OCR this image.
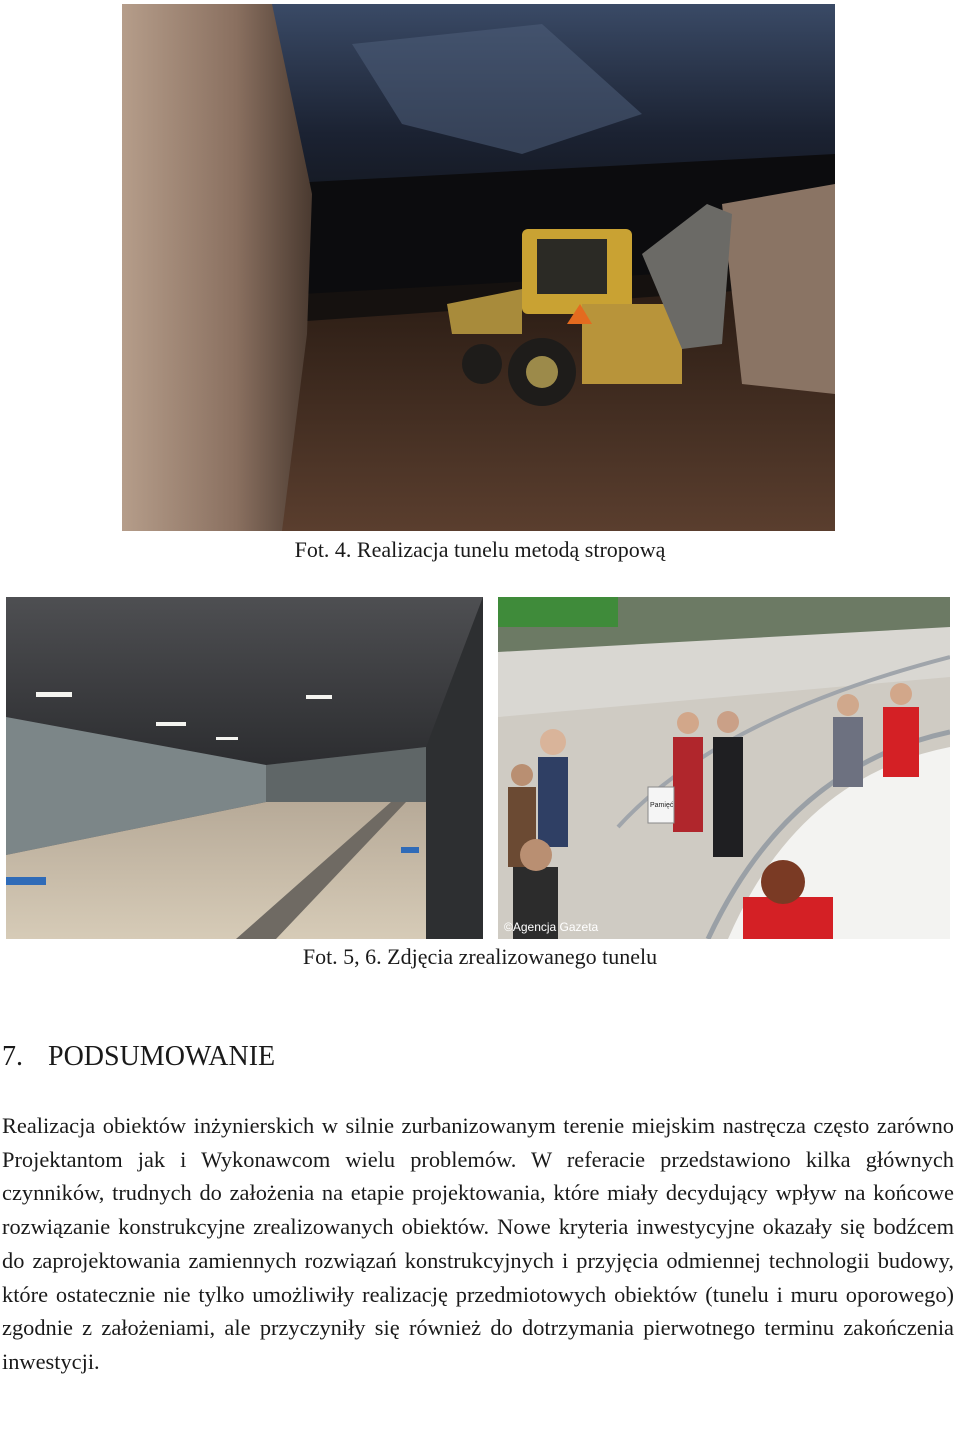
Fot. 4. Realizacja tunelu metodą stropową
©Agencja Gazeta
Pamięć
Fot. 5, 6. Zdjęcia zrealizowanego tunelu
7. PODSUMOWANIE
Realizacja obiektów inżynierskich w silnie zurbanizowanym terenie miejskim nastręcza często zarówno Projektantom jak i Wykonawcom wielu problemów. W referacie przedstawiono kilka głównych czynników, trudnych do założenia na etapie projektowania, które miały decydujący wpływ na końcowe rozwiązanie konstrukcyjne zrealizowanych obiektów. Nowe kryteria inwestycyjne okazały się bodźcem do zaprojektowania zamiennych rozwiązań konstrukcyjnych i przyjęcia odmiennej technologii budowy, które ostatecznie nie tylko umożliwiły realizację przedmiotowych obiektów (tunelu i muru oporowego) zgodnie z założeniami, ale przyczyniły się również do dotrzymania pierwotnego terminu zakończenia inwestycji.
